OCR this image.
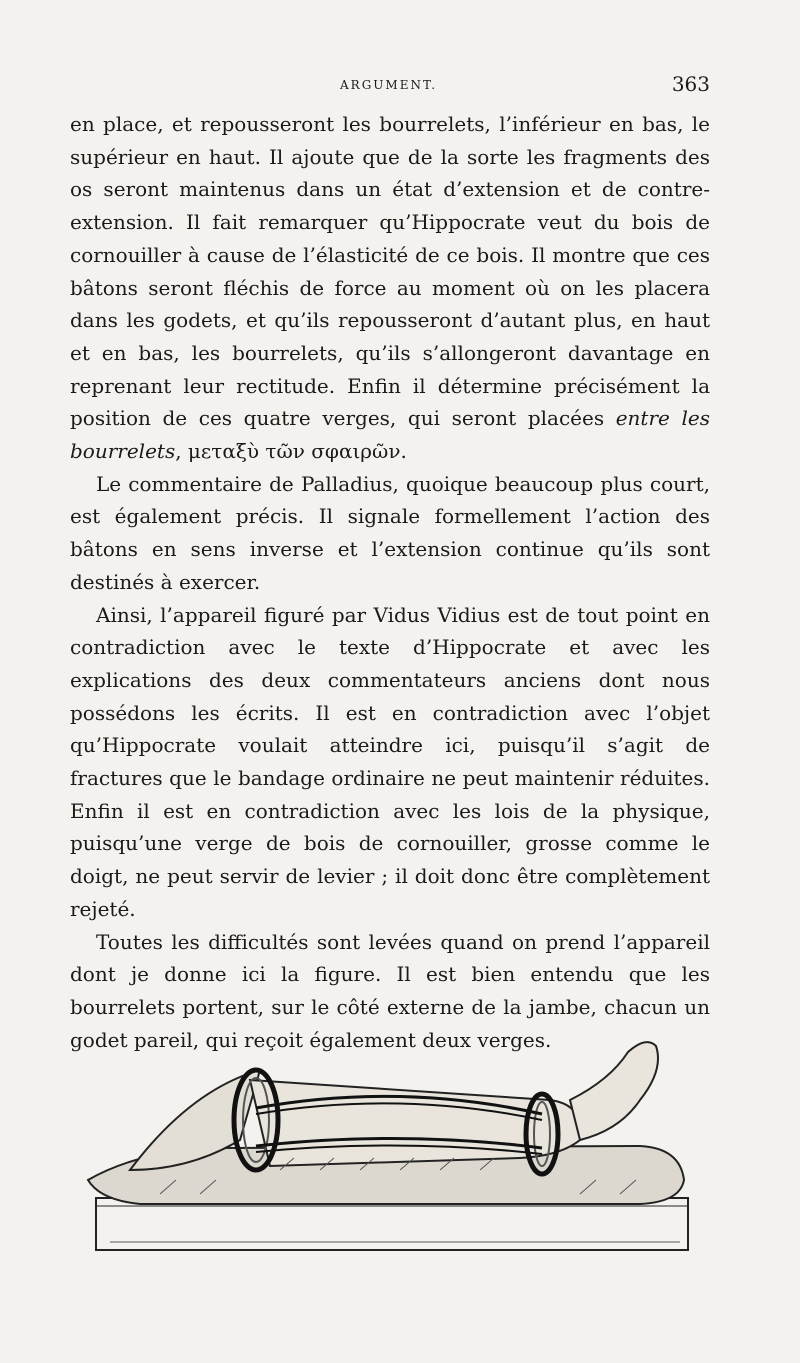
ARGUMENT.	363

en place, et repousseront les bourrelets, l’inférieur en bas, le supérieur en haut. Il ajoute que de la sorte les fragments des os seront maintenus dans un état d’extension et de contre-extension. Il fait remarquer qu’Hippocrate veut du bois de cornouiller à cause de l’élasticité de ce bois. Il montre que ces bâtons seront fléchis de force au moment où on les placera dans les godets, et qu’ils repousseront d’autant plus, en haut et en bas, les bourrelets, qu’ils s’allongeront davantage en reprenant leur rectitude. Enfin il détermine précisément la position de ces quatre verges, qui seront placées entre les bourrelets, μεταξὺ τῶν σφαιρῶν.

Le commentaire de Palladius, quoique beaucoup plus court, est également précis. Il signale formellement l’action des bâtons en sens inverse et l’extension continue qu’ils sont destinés à exercer.

Ainsi, l’appareil figuré par Vidus Vidius est de tout point en contradiction avec le texte d’Hippocrate et avec les explications des deux commentateurs anciens dont nous possédons les écrits. Il est en contradiction avec l’objet qu’Hippocrate voulait atteindre ici, puisqu’il s’agit de fractures que le bandage ordinaire ne peut maintenir réduites. Enfin il est en contradiction avec les lois de la physique, puisqu’une verge de bois de cornouiller, grosse comme le doigt, ne peut servir de levier ; il doit donc être complètement rejeté.

Toutes les difficultés sont levées quand on prend l’appareil dont je donne ici la figure. Il est bien entendu que les bourrelets portent, sur le côté externe de la jambe, chacun un godet pareil, qui reçoit également deux verges.
